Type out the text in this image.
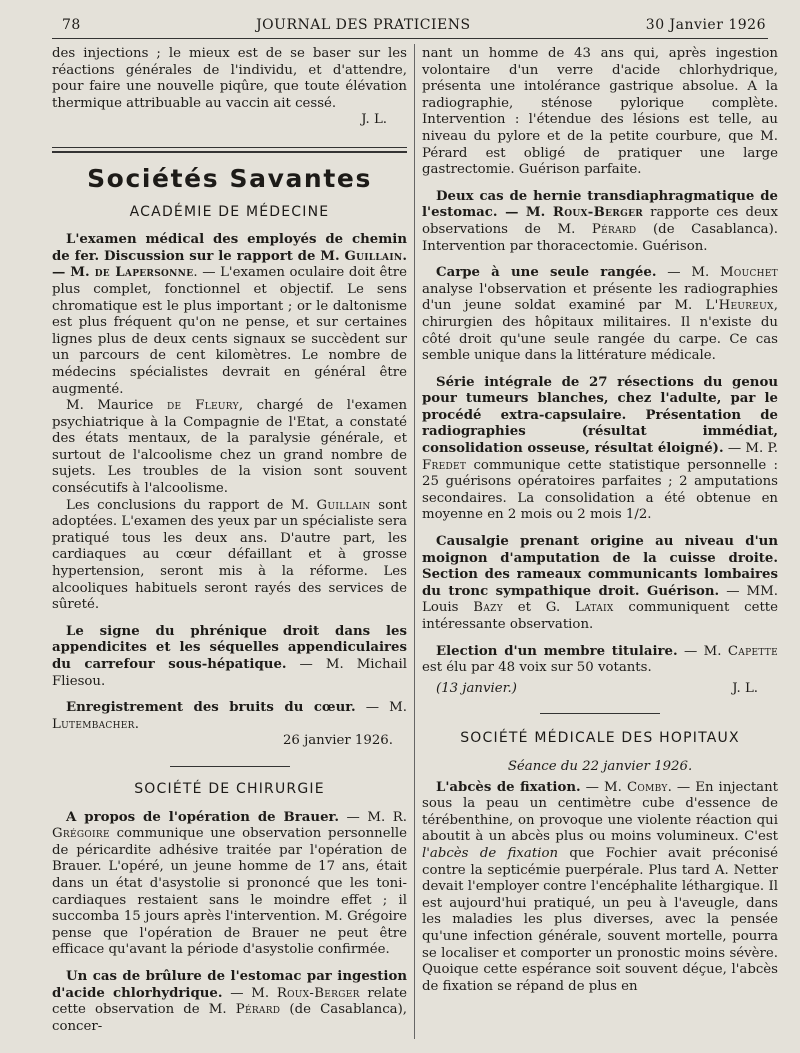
78	JOURNAL DES PRATICIENS	30 Janvier 1926

des injections ; le mieux est de se baser sur les réactions générales de l'individu, et d'attendre, pour faire une nouvelle piqûre, que toute élévation thermique attribuable au vaccin ait cessé.

J. L.

Sociétés Savantes
ACADÉMIE DE MÉDECINE

L'examen médical des employés de chemin de fer. Discussion sur le rapport de M. Guillain. — M. de Lapersonne. — L'examen oculaire doit être plus complet, fonctionnel et objectif. Le sens chromatique est le plus important ; or le daltonisme est plus fréquent qu'on ne pense, et sur certaines lignes plus de deux cents signaux se succèdent sur un parcours de cent kilomètres. Le nombre de médecins spécialistes devrait en général être augmenté.

M. Maurice de Fleury, chargé de l'examen psychiatrique à la Compagnie de l'Etat, a constaté des états mentaux, de la paralysie générale, et surtout de l'alcoolisme chez un grand nombre de sujets. Les troubles de la vision sont souvent consécutifs à l'alcoolisme.

Les conclusions du rapport de M. Guillain sont adoptées. L'examen des yeux par un spécialiste sera pratiqué tous les deux ans. D'autre part, les cardiaques au cœur défaillant et à grosse hypertension, seront mis à la réforme. Les alcooliques habituels seront rayés des services de sûreté.

Le signe du phrénique droit dans les appendicites et les séquelles appendiculaires du carrefour sous-hépatique. — M. Michail Fliesou.

Enregistrement des bruits du cœur. — M. Lutembacher.

26 janvier 1926.

SOCIÉTÉ DE CHIRURGIE

A propos de l'opération de Brauer. — M. R. Grégoire communique une observation personnelle de péricardite adhésive traitée par l'opération de Brauer. L'opéré, un jeune homme de 17 ans, était dans un état d'asystolie si prononcé que les toni-cardiaques restaient sans le moindre effet ; il succomba 15 jours après l'intervention. M. Grégoire pense que l'opération de Brauer ne peut être efficace qu'avant la période d'asystolie confirmée.

Un cas de brûlure de l'estomac par ingestion d'acide chlorhydrique. — M. Roux-Berger relate cette observation de M. Pérard (de Casablanca), concer-

nant un homme de 43 ans qui, après ingestion volontaire d'un verre d'acide chlorhydrique, présenta une intolérance gastrique absolue. A la radiographie, sténose pylorique complète. Intervention : l'étendue des lésions est telle, au niveau du pylore et de la petite courbure, que M. Pérard est obligé de pratiquer une large gastrectomie. Guérison parfaite.

Deux cas de hernie transdiaphragmatique de l'estomac. — M. Roux-Berger rapporte ces deux observations de M. Pérard (de Casablanca). Intervention par thoracectomie. Guérison.

Carpe à une seule rangée. — M. Mouchet analyse l'observation et présente les radiographies d'un jeune soldat examiné par M. L'Heureux, chirurgien des hôpitaux militaires. Il n'existe du côté droit qu'une seule rangée du carpe. Ce cas semble unique dans la littérature médicale.

Série intégrale de 27 résections du genou pour tumeurs blanches, chez l'adulte, par le procédé extra-capsulaire. Présentation de radiographies (résultat immédiat, consolidation osseuse, résultat éloigné). — M. P. Fredet communique cette statistique personnelle : 25 guérisons opératoires parfaites ; 2 amputations secondaires. La consolidation a été obtenue en moyenne en 2 mois ou 2 mois 1/2.

Causalgie prenant origine au niveau d'un moignon d'amputation de la cuisse droite. Section des rameaux communicants lombaires du tronc sympathique droit. Guérison. — MM. Louis Bazy et G. Lataix communiquent cette intéressante observation.

Election d'un membre titulaire. — M. Capette est élu par 48 voix sur 50 votants.

(13 janvier.)	J. L.
SOCIÉTÉ MÉDICALE DES HOPITAUX
Séance du 22 janvier 1926.

L'abcès de fixation. — M. Comby. — En injectant sous la peau un centimètre cube d'essence de térébenthine, on provoque une violente réaction qui aboutit à un abcès plus ou moins volumineux. C'est l'abcès de fixation que Fochier avait préconisé contre la septicémie puerpérale. Plus tard A. Netter devait l'employer contre l'encéphalite léthargique. Il est aujourd'hui pratiqué, un peu à l'aveugle, dans les maladies les plus diverses, avec la pensée qu'une infection générale, souvent mortelle, pourra se localiser et comporter un pronostic moins sévère. Quoique cette espérance soit souvent déçue, l'abcès de fixation se répand de plus en
